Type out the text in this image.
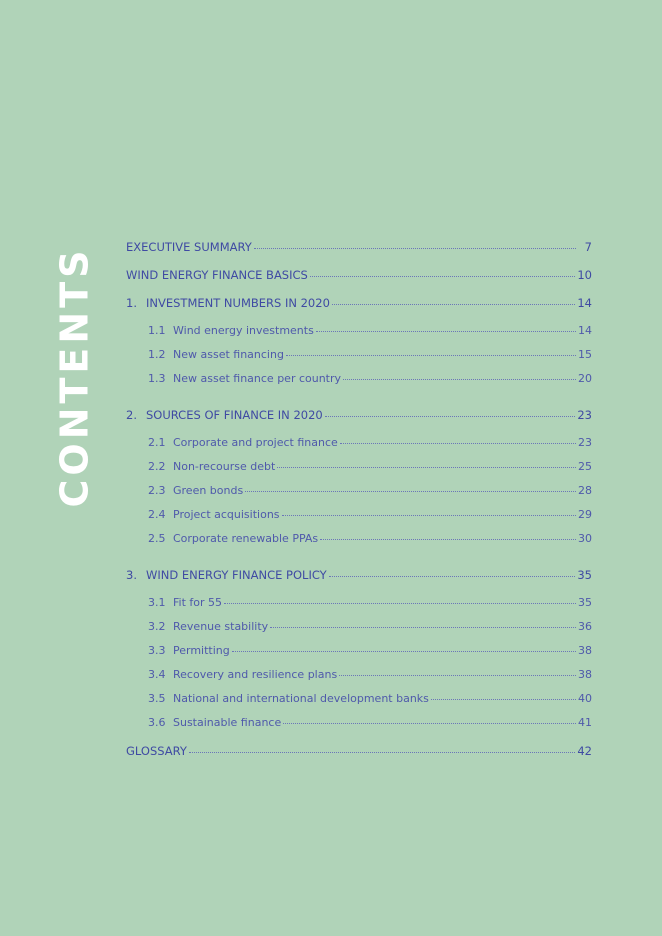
CONTENTS	EXECUTIVE SUMMARY	7
WIND ENERGY FINANCE BASICS	10
1. INVESTMENT NUMBERS IN 2020	14
1.1 Wind energy investments	14
1.2 New asset financing	15
1.3 New asset finance per country	20
2. SOURCES OF FINANCE IN 2020	23
2.1 Corporate and project finance	23
2.2 Non-recourse debt	25
2.3 Green bonds	28
2.4 Project acquisitions	29
2.5 Corporate renewable PPAs	30
3. WIND ENERGY FINANCE POLICY	35
3.1 Fit for 55	35
3.2 Revenue stability	36
3.3 Permitting	38
3.4 Recovery and resilience plans	38
3.5 National and international development banks	40
3.6 Sustainable finance	41
GLOSSARY	42
